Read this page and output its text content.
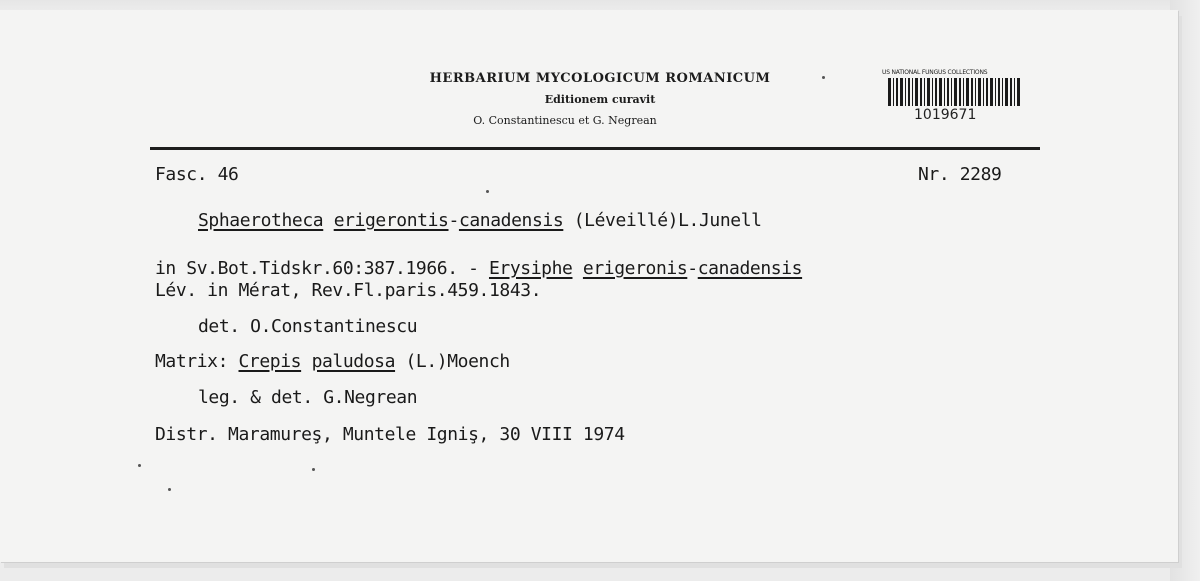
HERBARIUM MYCOLOGICUM ROMANICUM
Editionem curavit
O. Constantinescu et G. Negrean
US NATIONAL FUNGUS COLLECTIONS
1019671
Fasc. 46	Nr. 2289
Sphaerotheca erigerontis-canadensis (Léveillé)L.Junell
in Sv.Bot.Tidskr.60:387.1966. - Erysiphe erigeronis-canadensis
Lév. in Mérat, Rev.Fl.paris.459.1843.
det. O.Constantinescu
Matrix: Crepis paludosa (L.)Moench
leg. & det. G.Negrean
Distr. Maramureş, Muntele Igniş, 30 VIII 1974
